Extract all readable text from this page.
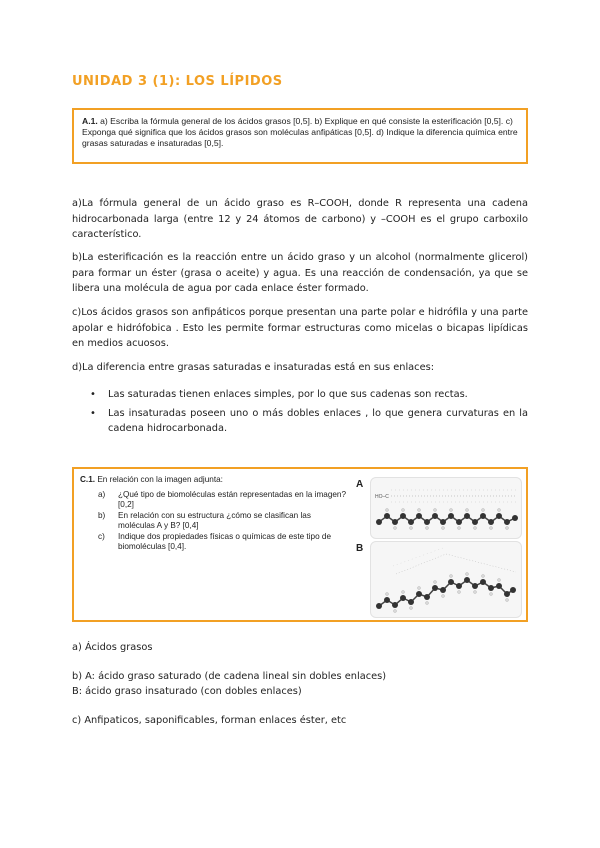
UNIDAD 3 (1): LOS LÍPIDOS
A.1. a) Escriba la fórmula general de los ácidos grasos [0,5]. b) Explique en qué consiste la esterificación [0,5]. c) Exponga qué significa que los ácidos grasos son moléculas anfipáticas [0,5]. d) Indique la diferencia química entre grasas saturadas e insaturadas [0,5].
a)La fórmula general de un ácido graso es R–COOH, donde R representa una cadena hidrocarbonada larga (entre 12 y 24 átomos de carbono) y –COOH es el grupo carboxilo característico.
b)La esterificación es la reacción entre un ácido graso y un alcohol (normalmente glicerol) para formar un éster (grasa o aceite) y agua. Es una reacción de condensación, ya que se libera una molécula de agua por cada enlace éster formado.
c)Los ácidos grasos son anfipáticos porque presentan una parte polar e hidrófila y una parte apolar e hidrófobica . Esto les permite formar estructuras como micelas o bicapas lipídicas en medios acuosos.
d)La diferencia entre grasas saturadas e insaturadas está en sus enlaces:
• Las saturadas tienen enlaces simples, por lo que sus cadenas son rectas.
• Las insaturadas poseen uno o más dobles enlaces , lo que genera curvaturas en la cadena hidrocarbonada.
C.1. En relación con la imagen adjunta:
a)	¿Qué tipo de biomoléculas están representadas en la imagen? [0,2]
b)	En relación con su estructura ¿cómo se clasifican las moléculas A y B? [0,4]
c)	Indique dos propiedades físicas o químicas de este tipo de biomoléculas [0,4].
A
HO–C
B
a) Ácidos grasos
b) A: ácido graso saturado (de cadena lineal sin dobles enlaces)
B: ácido graso insaturado (con dobles enlaces)
c) Anfipaticos, saponificables, forman enlaces éster, etc
